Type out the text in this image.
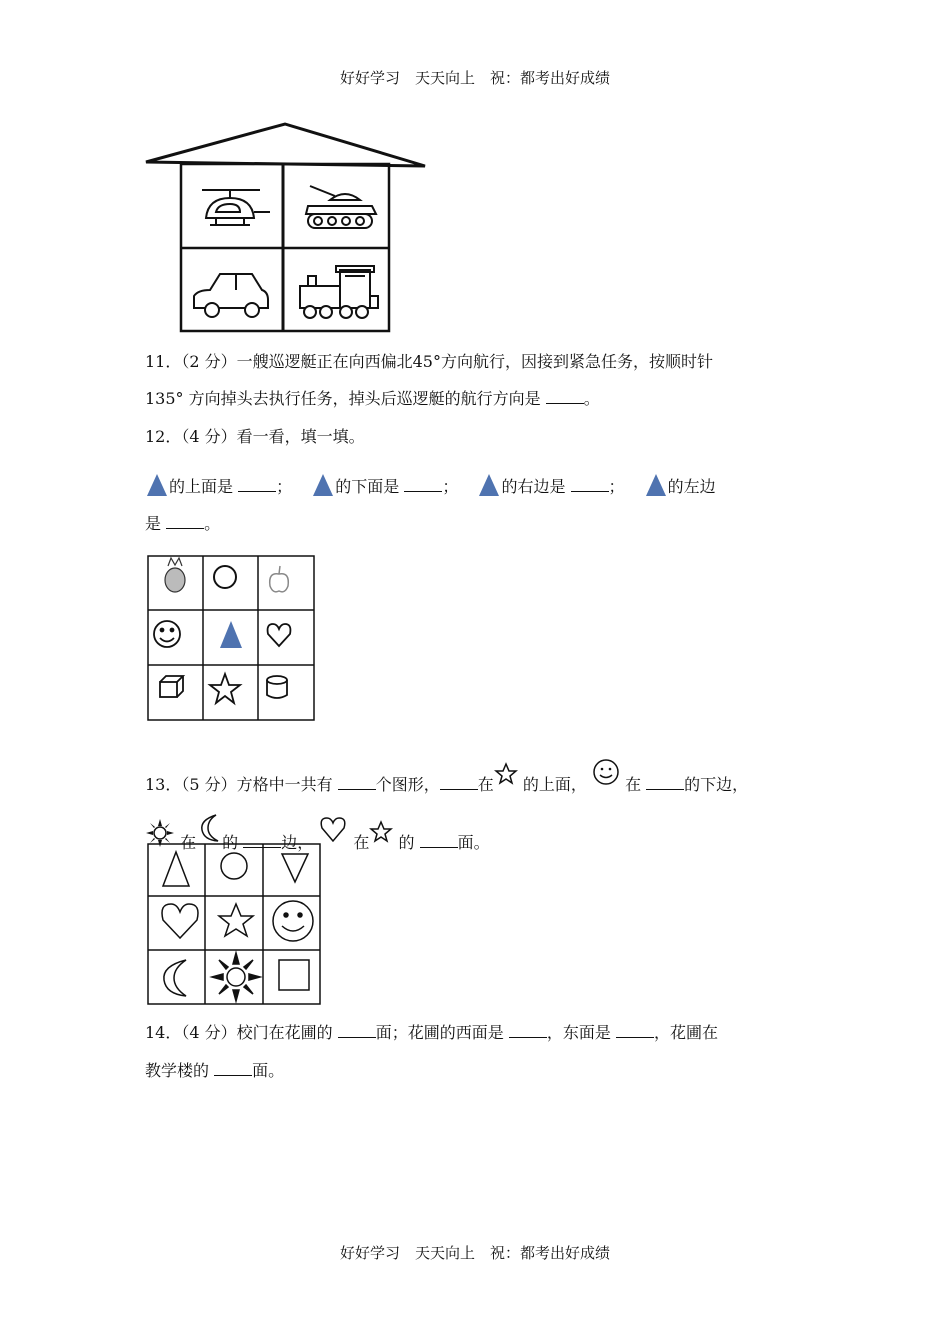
好好学习　天天向上　祝：都考出好成绩
11．（2 分）一艘巡逻艇正在向西偏北45°方向航行，因接到紧急任务，按顺时针
135° 方向掉头去执行任务，掉头后巡逻艇的航行方向是	。
12．（4 分）看一看，填一填。
的上面是	；	的下面是	；	的右边是	；	的左边
是	。
13．（5 分）方格中一共有	个图形， 在 的上面， 在	的下边，
在 的	边，	在 的	面。
14．（4 分）校门在花圃的	面；花圃的西面是	，东面是	，花圃在
教学楼的	面。
好好学习　天天向上　祝：都考出好成绩
